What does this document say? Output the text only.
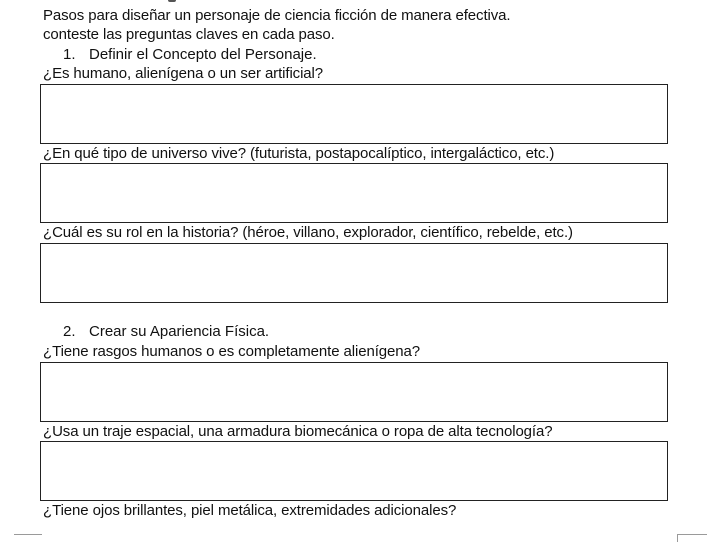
Pasos para diseñar un personaje de ciencia ficción de manera efectiva.
conteste las preguntas claves en cada paso.
1. Definir el Concepto del Personaje.
¿Es humano, alienígena o un ser artificial?
¿En qué tipo de universo vive? (futurista, postapocalíptico, intergaláctico, etc.)
¿Cuál es su rol en la historia? (héroe, villano, explorador, científico, rebelde, etc.)
2. Crear su Apariencia Física.
¿Tiene rasgos humanos o es completamente alienígena?
¿Usa un traje espacial, una armadura biomecánica o ropa de alta tecnología?
¿Tiene ojos brillantes, piel metálica, extremidades adicionales?
